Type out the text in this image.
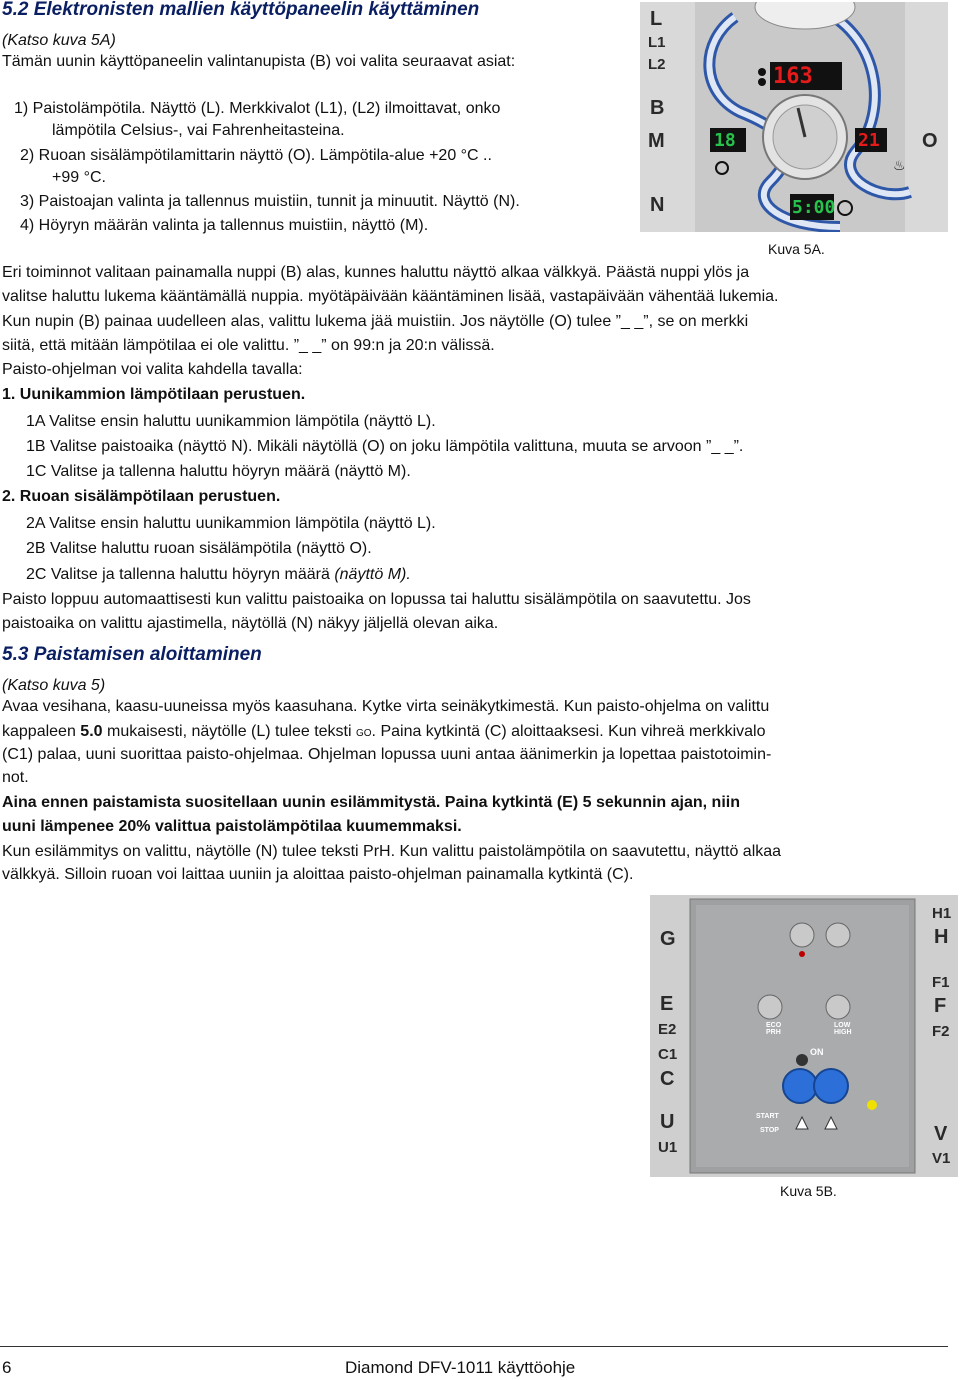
5.2 Elektronisten mallien käyttöpaneelin käyttäminen
(Katso kuva 5A)
Tämän uunin käyttöpaneelin valintanupista (B) voi valita seuraavat asiat:
1) Paistolämpötila. Näyttö (L). Merkkivalot (L1), (L2) ilmoittavat, onko
lämpötila Celsius-, vai Fahrenheitasteina.
2) Ruoan sisälämpötilamittarin näyttö (O). Lämpötila-alue +20 °C ..
+99 °C.
3) Paistoajan valinta ja tallennus muistiin, tunnit ja minuutit. Näyttö (N).
4) Höyryn määrän valinta ja tallennus muistiin, näyttö (M).
♨
L
L1
L2
B
M
N
O
163
18	21
5:00
Kuva 5A.
Eri toiminnot valitaan painamalla nuppi (B) alas, kunnes haluttu näyttö alkaa välkkyä. Päästä nuppi ylös ja
valitse haluttu lukema kääntämällä nuppia. myötäpäivään kääntäminen lisää, vastapäivään vähentää lukemia.
Kun nupin (B) painaa uudelleen alas, valittu lukema jää muistiin. Jos näytölle (O) tulee ”_ _”, se on merkki
siitä, että mitään lämpötilaa ei ole valittu. ”_ _” on 99:n ja 20:n välissä.
Paisto-ohjelman voi valita kahdella tavalla:
1. Uunikammion lämpötilaan perustuen.
1A Valitse ensin haluttu uunikammion lämpötila (näyttö L).
1B Valitse paistoaika (näyttö N). Mikäli näytöllä (O) on joku lämpötila valittuna, muuta se arvoon ”_ _”.
1C Valitse ja tallenna haluttu höyryn määrä (näyttö M).
2. Ruoan sisälämpötilaan perustuen.
2A Valitse ensin haluttu uunikammion lämpötila (näyttö L).
2B Valitse haluttu ruoan sisälämpötila (näyttö O).
2C Valitse ja tallenna haluttu höyryn määrä (näyttö M).
Paisto loppuu automaattisesti kun valittu paistoaika on lopussa tai haluttu sisälämpötila on saavutettu. Jos
paistoaika on valittu ajastimella, näytöllä (N) näkyy jäljellä olevan aika.
5.3 Paistamisen aloittaminen
(Katso kuva 5)
Avaa vesihana, kaasu-uuneissa myös kaasuhana. Kytke virta seinäkytkimestä. Kun paisto-ohjelma on valittu
kappaleen 5.0 mukaisesti, näytölle (L) tulee teksti go. Paina kytkintä (C) aloittaaksesi. Kun vihreä merkkivalo
(C1) palaa, uuni suorittaa paisto-ohjelmaa. Ohjelman lopussa uuni antaa äänimerkin ja lopettaa paistotoimin-
not.
Aina ennen paistamista suositellaan uunin esilämmitystä. Paina kytkintä (E) 5 sekunnin ajan, niin
uuni lämpenee 20% valittua paistolämpötilaa kuumemmaksi.
Kun esilämmitys on valittu, näytölle (N) tulee teksti PrH. Kun valittu paistolämpötila on saavutettu, näyttö alkaa
välkkyä. Silloin ruoan voi laittaa uuniin ja aloittaa paisto-ohjelman painamalla kytkintä (C).
G
E
E2
C1
C
U
U1
H1
H
F1
F
F2
V
V1
ECO PRH
LOW HIGH
ON
START
STOP
Kuva 5B.
6	Diamond DFV-1011 käyttöohje
